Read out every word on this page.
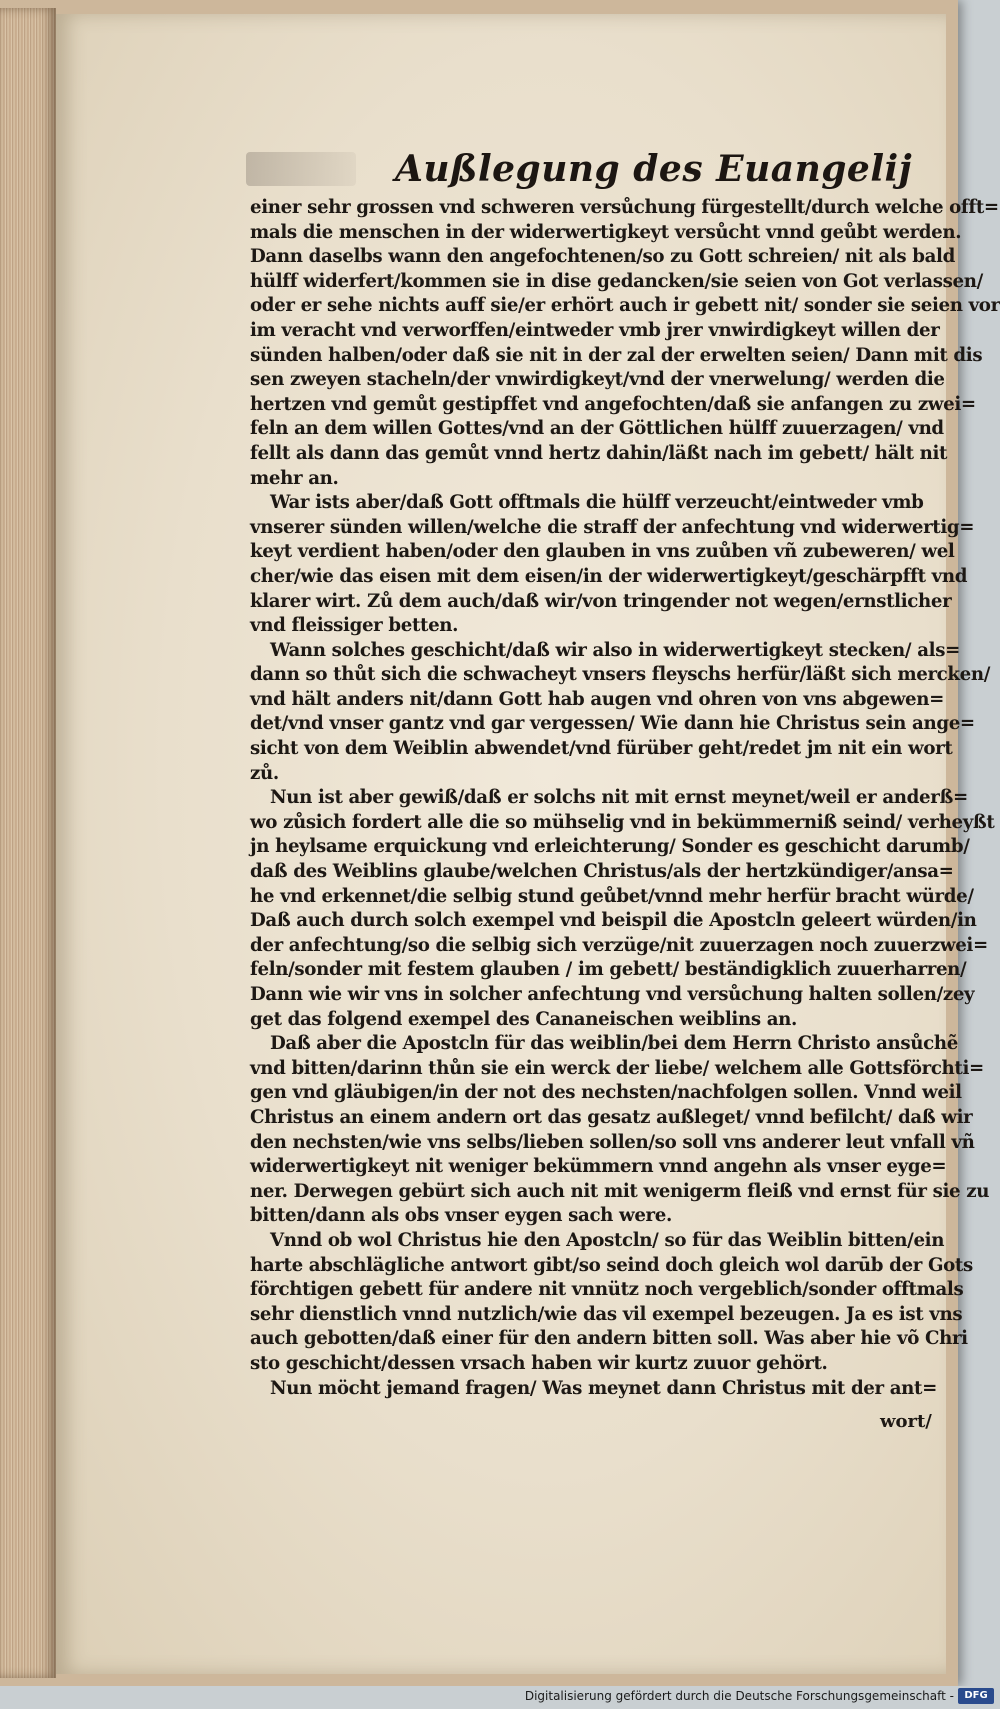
Außlegung des Euangelij
einer sehr grossen vnd schweren versůchung fürgestellt/durch welche offt=
mals die menschen in der widerwertigkeyt versůcht vnnd geůbt werden.
Dann daselbs wann den angefochtenen/so zu Gott schreien/ nit als bald
hülff widerfert/kommen sie in dise gedancken/sie seien von Got verlassen/
oder er sehe nichts auff sie/er erhört auch ir gebett nit/ sonder sie seien vor
im veracht vnd verworffen/eintweder vmb jrer vnwirdigkeyt willen der
sünden halben/oder daß sie nit in der zal der erwelten seien/ Dann mit dis
sen zweyen stacheln/der vnwirdigkeyt/vnd der vnerwelung/ werden die
hertzen vnd gemůt gestipffet vnd angefochten/daß sie anfangen zu zwei=
feln an dem willen Gottes/vnd an der Göttlichen hülff zuuerzagen/ vnd
fellt als dann das gemůt vnnd hertz dahin/läßt nach im gebett/ hält nit
mehr an.
War ists aber/daß Gott offtmals die hülff verzeucht/eintweder vmb
vnserer sünden willen/welche die straff der anfechtung vnd widerwertig=
keyt verdient haben/oder den glauben in vns zuůben vñ zubeweren/ wel
cher/wie das eisen mit dem eisen/in der widerwertigkeyt/geschärpfft vnd
klarer wirt. Zů dem auch/daß wir/von tringender not wegen/ernstlicher
vnd fleissiger betten.
Wann solches geschicht/daß wir also in widerwertigkeyt stecken/ als=
dann so thůt sich die schwacheyt vnsers fleyschs herfür/läßt sich mercken/
vnd hält anders nit/dann Gott hab augen vnd ohren von vns abgewen=
det/vnd vnser gantz vnd gar vergessen/ Wie dann hie Christus sein ange=
sicht von dem Weiblin abwendet/vnd fürüber geht/redet jm nit ein wort
zů.
Nun ist aber gewiß/daß er solchs nit mit ernst meynet/weil er anderß=
wo zůsich fordert alle die so mühselig vnd in bekümmerniß seind/ verheyßt
jn heylsame erquickung vnd erleichterung/ Sonder es geschicht darumb/
daß des Weiblins glaube/welchen Christus/als der hertzkündiger/ansa=
he vnd erkennet/die selbig stund geůbet/vnnd mehr herfür bracht würde/
Daß auch durch solch exempel vnd beispil die Apostcln geleert würden/in
der anfechtung/so die selbig sich verzüge/nit zuuerzagen noch zuuerzwei=
feln/sonder mit festem glauben / im gebett/ beständigklich zuuerharren/
Dann wie wir vns in solcher anfechtung vnd versůchung halten sollen/zey
get das folgend exempel des Cananeischen weiblins an.
Daß aber die Apostcln für das weiblin/bei dem Herrn Christo ansůchẽ
vnd bitten/darinn thůn sie ein werck der liebe/ welchem alle Gottsförchti=
gen vnd gläubigen/in der not des nechsten/nachfolgen sollen. Vnnd weil
Christus an einem andern ort das gesatz außleget/ vnnd befilcht/ daß wir
den nechsten/wie vns selbs/lieben sollen/so soll vns anderer leut vnfall vñ
widerwertigkeyt nit weniger bekümmern vnnd angehn als vnser eyge=
ner. Derwegen gebürt sich auch nit mit wenigerm fleiß vnd ernst für sie zu
bitten/dann als obs vnser eygen sach were.
Vnnd ob wol Christus hie den Apostcln/ so für das Weiblin bitten/ein
harte abschlägliche antwort gibt/so seind doch gleich wol darūb der Gots
förchtigen gebett für andere nit vnnütz noch vergeblich/sonder offtmals
sehr dienstlich vnnd nutzlich/wie das vil exempel bezeugen. Ja es ist vns
auch gebotten/daß einer für den andern bitten soll. Was aber hie võ Chri
sto geschicht/dessen vrsach haben wir kurtz zuuor gehört.
Nun möcht jemand fragen/ Was meynet dann Christus mit der ant=
wort/
Digitalisierung gefördert durch die Deutsche Forschungsgemeinschaft -	DFG
